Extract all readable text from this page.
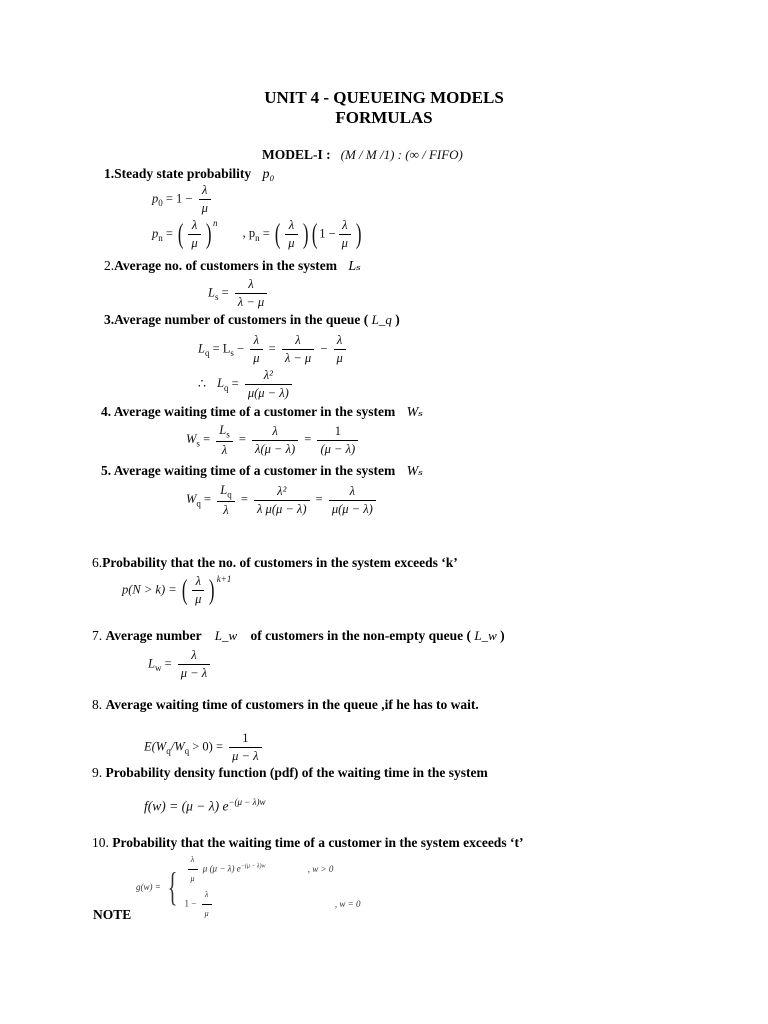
UNIT 4 - QUEUEING MODELS
FORMULAS
MODEL-I : (M / M /1) : (∞ / FIFO)
1.Steady state probability p₀
$p_0 = 1 - \frac{\lambda}{\mu}$
$p_n$ = ( $\frac{\lambda}{\mu}$ ) $^n$ , $p_n$ = ( $\frac{\lambda}{\mu}$ ) ( $1 - \frac{\lambda}{\mu}$ )
2.Average no. of customers in the system Lₛ
$L_s = \frac{\lambda}{\lambda - \mu}$
3.Average number of customers in the queue ( L_q )
$L_q = L_s - \frac{\lambda}{\mu} = \frac{\lambda}{\lambda - \mu} - \frac{\lambda}{\mu}$
∴ $L_q = \frac{\text{λ²}}{\mu(\mu - \lambda)}$
4. Average waiting time of a customer in the system Wₛ
$W_s = \frac{L_s}{\lambda} = \frac{\lambda}{\lambda(\mu - \lambda)} = \frac{1}{(\mu - \lambda)}$
5. Average waiting time of a customer in the system Wₛ
$W_q = \frac{L_q}{\lambda} = \frac{\text{λ²}}{\text{λ μ(μ − λ)}} = \frac{\lambda}{\mu(\mu - \lambda)}$
6.Probability that the no. of customers in the system exceeds ‘k’
p(N > k) = ( $\frac{\lambda}{\mu}$ ) $^{k+1}$
7. Average number L_w of customers in the non-empty queue ( L_w )
$L_w = \frac{\lambda}{\mu - \lambda}$
8. Average waiting time of customers in the queue ,if he has to wait.
$E(W_q/W_q > 0) = \frac{1}{\mu - \lambda}$
9. Probability density function (pdf) of the waiting time in the system
f(w) = (μ − λ) $e^{-(\mu - \lambda)w}$
10. Probability that the waiting time of a customer in the system exceeds ‘t’
g(w) = { $\frac{\lambda}{\mu}$ μ (μ − λ) $e^{-(\mu - \lambda)w}$	, w > 0
$1 - \frac{\lambda}{\mu}$	, w = 0
NOTE
